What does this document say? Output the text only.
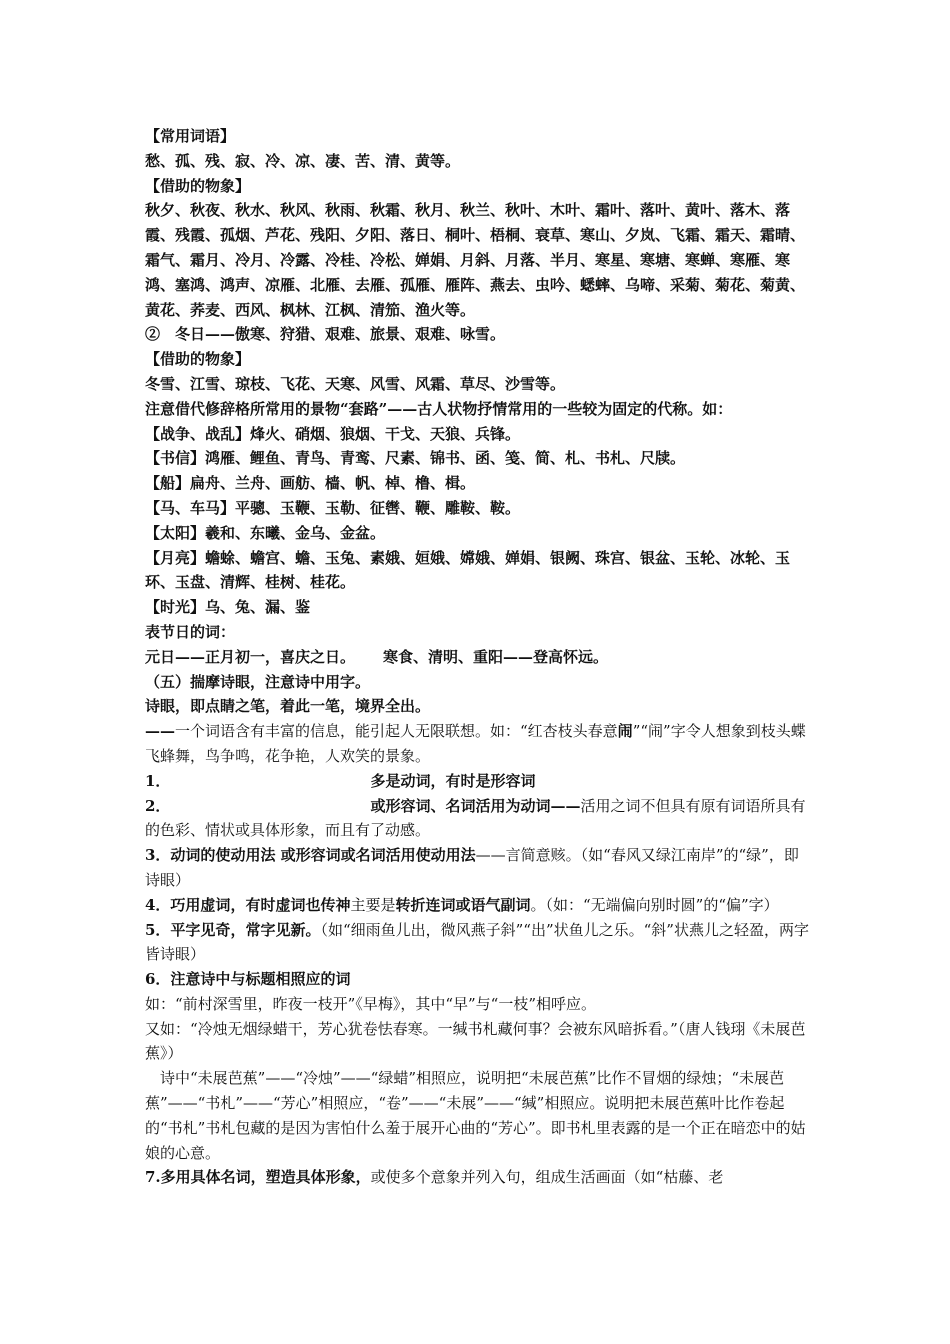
【常用词语】
愁、孤、残、寂、冷、凉、凄、苦、清、黄等。
【借助的物象】
秋夕、秋夜、秋水、秋风、秋雨、秋霜、秋月、秋兰、秋叶、木叶、霜叶、落叶、黄叶、落木、落霞、残霞、孤烟、芦花、残阳、夕阳、落日、桐叶、梧桐、衰草、寒山、夕岚、飞霜、霜天、霜晴、霜气、霜月、冷月、冷露、冷桂、冷松、婵娟、月斜、月落、半月、寒星、寒塘、寒蝉、寒雁、寒鸿、塞鸿、鸿声、凉雁、北雁、去雁、孤雁、雁阵、燕去、虫吟、蟋蟀、乌啼、采菊、菊花、菊黄、黄花、荞麦、西风、枫林、江枫、清笳、渔火等。
②　冬日——傲寒、狩猎、艰难、旅景、艰难、咏雪。
【借助的物象】
冬雪、江雪、琼枝、飞花、天寒、风雪、风霜、草尽、沙雪等。
注意借代修辞格所常用的景物“套路”——古人状物抒情常用的一些较为固定的代称。如：
【战争、战乱】烽火、硝烟、狼烟、干戈、天狼、兵锋。
【书信】鸿雁、鲤鱼、青鸟、青鸾、尺素、锦书、函、笺、简、札、书札、尺牍。
【船】扁舟、兰舟、画舫、樯、帆、棹、橹、楫。
【马、车马】平骢、玉鞭、玉勒、征辔、鞭、雕鞍、鞍。
【太阳】羲和、东曦、金乌、金盆。
【月亮】蟾蜍、蟾宫、蟾、玉兔、素娥、姮娥、嫦娥、婵娟、银阙、珠宫、银盆、玉轮、冰轮、玉环、玉盘、清辉、桂树、桂花。
【时光】乌、兔、漏、鉴
表节日的词：
元日——正月初一，喜庆之日。 寒食、清明、重阳——登高怀远。
（五）揣摩诗眼，注意诗中用字。
诗眼，即点睛之笔，着此一笔，境界全出。
——一个词语含有丰富的信息，能引起人无限联想。如：“红杏枝头春意闹”“闹”字令人想象到枝头蝶飞蜂舞，鸟争鸣，花争艳，人欢笑的景象。
1．	多是动词，有时是形容词
2．	或形容词、名词活用为动词——活用之词不但具有原有词语所具有的色彩、情状或具体形象，而且有了动感。
3．动词的使动用法 或形容词或名词活用使动用法——言简意赅。（如“春风又绿江南岸”的“绿”，即诗眼）
4．巧用虚词，有时虚词也传神主要是转折连词或语气副词。（如：“无端偏向别时圆”的“偏”字）
5．平字见奇，常字见新。（如“细雨鱼儿出，微风燕子斜”“出”状鱼儿之乐。“斜”状燕儿之轻盈，两字皆诗眼）
6．注意诗中与标题相照应的词
如：“前村深雪里，昨夜一枝开”《早梅》，其中“早”与“一枝”相呼应。
又如：“冷烛无烟绿蜡干，芳心犹卷怯春寒。一缄书札藏何事？会被东风暗拆看。”（唐人钱珝《未展芭蕉》）
诗中“未展芭蕉”——“冷烛”——“绿蜡”相照应，说明把“未展芭蕉”比作不冒烟的绿烛；“未展芭蕉”——“书札”——“芳心”相照应，“卷”——“未展”——“缄”相照应。说明把未展芭蕉叶比作卷起的“书札”书札包藏的是因为害怕什么羞于展开心曲的“芳心”。即书札里表露的是一个正在暗恋中的姑娘的心意。
7.多用具体名词，塑造具体形象，或使多个意象并列入句，组成生活画面（如“枯藤、老
